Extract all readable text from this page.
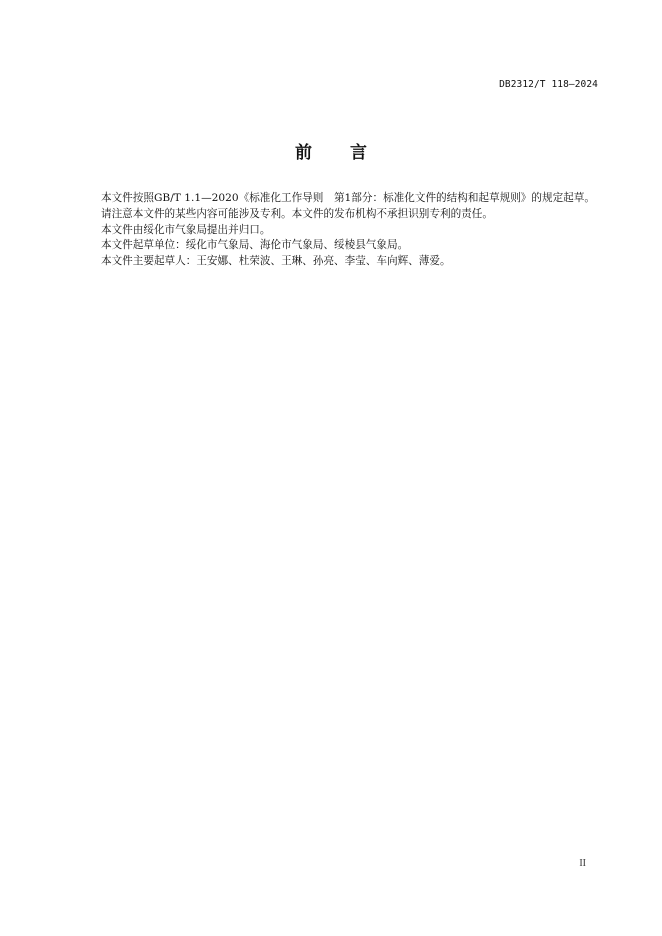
DB2312/T 118—2024
前 言

本文件按照GB/T 1.1—2020《标准化工作导则　第1部分：标准化文件的结构和起草规则》的规定起草。

请注意本文件的某些内容可能涉及专利。本文件的发布机构不承担识别专利的责任。

本文件由绥化市气象局提出并归口。

本文件起草单位：绥化市气象局、海伦市气象局、绥棱县气象局。

本文件主要起草人：王安娜、杜荣波、王琳、孙亮、李莹、车向辉、薄爱。

II
